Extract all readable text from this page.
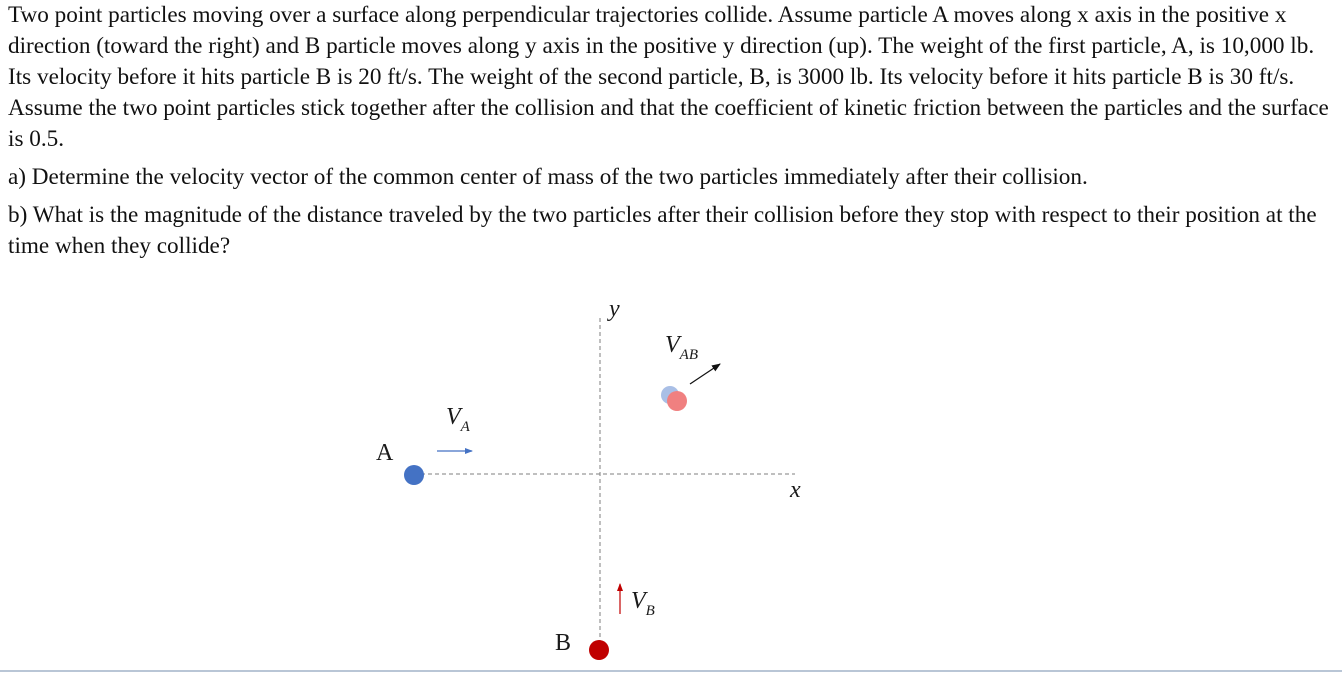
Two point particles moving over a surface along perpendicular trajectories collide. Assume particle A moves along x axis in the positive x direction (toward the right) and B particle moves along y axis in the positive y direction (up). The weight of the first particle, A, is 10,000 lb. Its velocity before it hits particle B is 20 ft/s. The weight of the second particle, B, is 3000 lb. Its velocity before it hits particle B is 30 ft/s. Assume the two point particles stick together after the collision and that the coefficient of kinetic friction between the particles and the surface is 0.5.

a) Determine the velocity vector of the common center of mass of the two particles immediately after their collision.

b) What is the magnitude of the distance traveled by the two particles after their collision before they stop with respect to their position at the time when they collide?

x
y
A
$V_A$
B
$V_B$
$V_{AB}$
